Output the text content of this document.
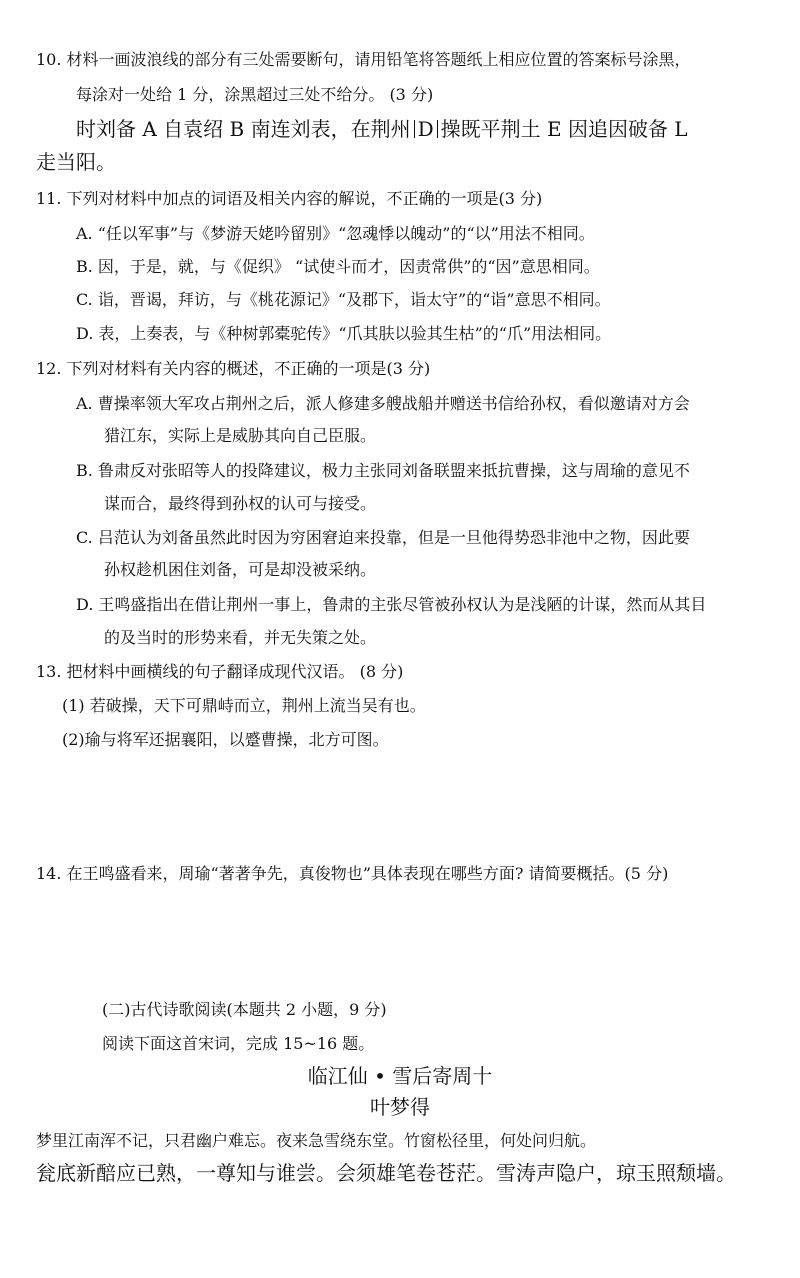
10. 材料一画波浪线的部分有三处需要断句，请用铅笔将答题纸上相应位置的答案标号涂黑，
每涂对一处给 1 分，涂黑超过三处不给分。 (3 分)
时刘备 A 自袁绍 B 南连刘表，在荆州 D 操既平荆土 E 因追因破备 L
走当阳。
11. 下列对材料中加点的词语及相关内容的解说，不正确的一项是(3 分)
A. “任以军事”与《梦游天姥吟留别》“忽魂悸以魄动”的“以”用法不相同。
B. 因，于是，就，与《促织》 “试使斗而才，因责常供”的“因”意思相同。
C. 诣，晋谒，拜访，与《桃花源记》“及郡下，诣太守”的“诣”意思不相同。
D. 表，上奏表，与《种树郭橐驼传》“爪其肤以验其生枯”的“爪”用法相同。
12. 下列对材料有关内容的概述，不正确的一项是(3 分)
A. 曹操率领大军攻占荆州之后，派人修建多艘战船并赠送书信给孙权，看似邀请对方会
猎江东，实际上是威胁其向自己臣服。
B. 鲁肃反对张昭等人的投降建议，极力主张同刘备联盟来抵抗曹操，这与周瑜的意见不
谋而合，最终得到孙权的认可与接受。
C. 吕范认为刘备虽然此时因为穷困窘迫来投靠，但是一旦他得势恐非池中之物，因此要
孙权趁机困住刘备，可是却没被采纳。
D. 王鸣盛指出在借让荆州一事上，鲁肃的主张尽管被孙权认为是浅陋的计谋，然而从其目
的及当时的形势来看，并无失策之处。
13. 把材料中画横线的句子翻译成现代汉语。 (8 分)
(1) 若破操，天下可鼎峙而立，荆州上流当吴有也。
(2)瑜与将军还据襄阳，以蹙曹操，北方可图。
14. 在王鸣盛看来，周瑜“著著争先，真俊物也”具体表现在哪些方面? 请简要概括。(5 分)
(二)古代诗歌阅读(本题共 2 小题，9 分)
阅读下面这首宋词，完成 15~16 题。
临江仙 • 雪后寄周十
叶梦得
梦里江南浑不记，只君幽户难忘。夜来急雪绕东堂。竹窗松径里，何处问归航。
瓮底新醅应已熟，一尊知与谁尝。会须雄笔卷苍茫。雪涛声隐户，琼玉照颓墙。
